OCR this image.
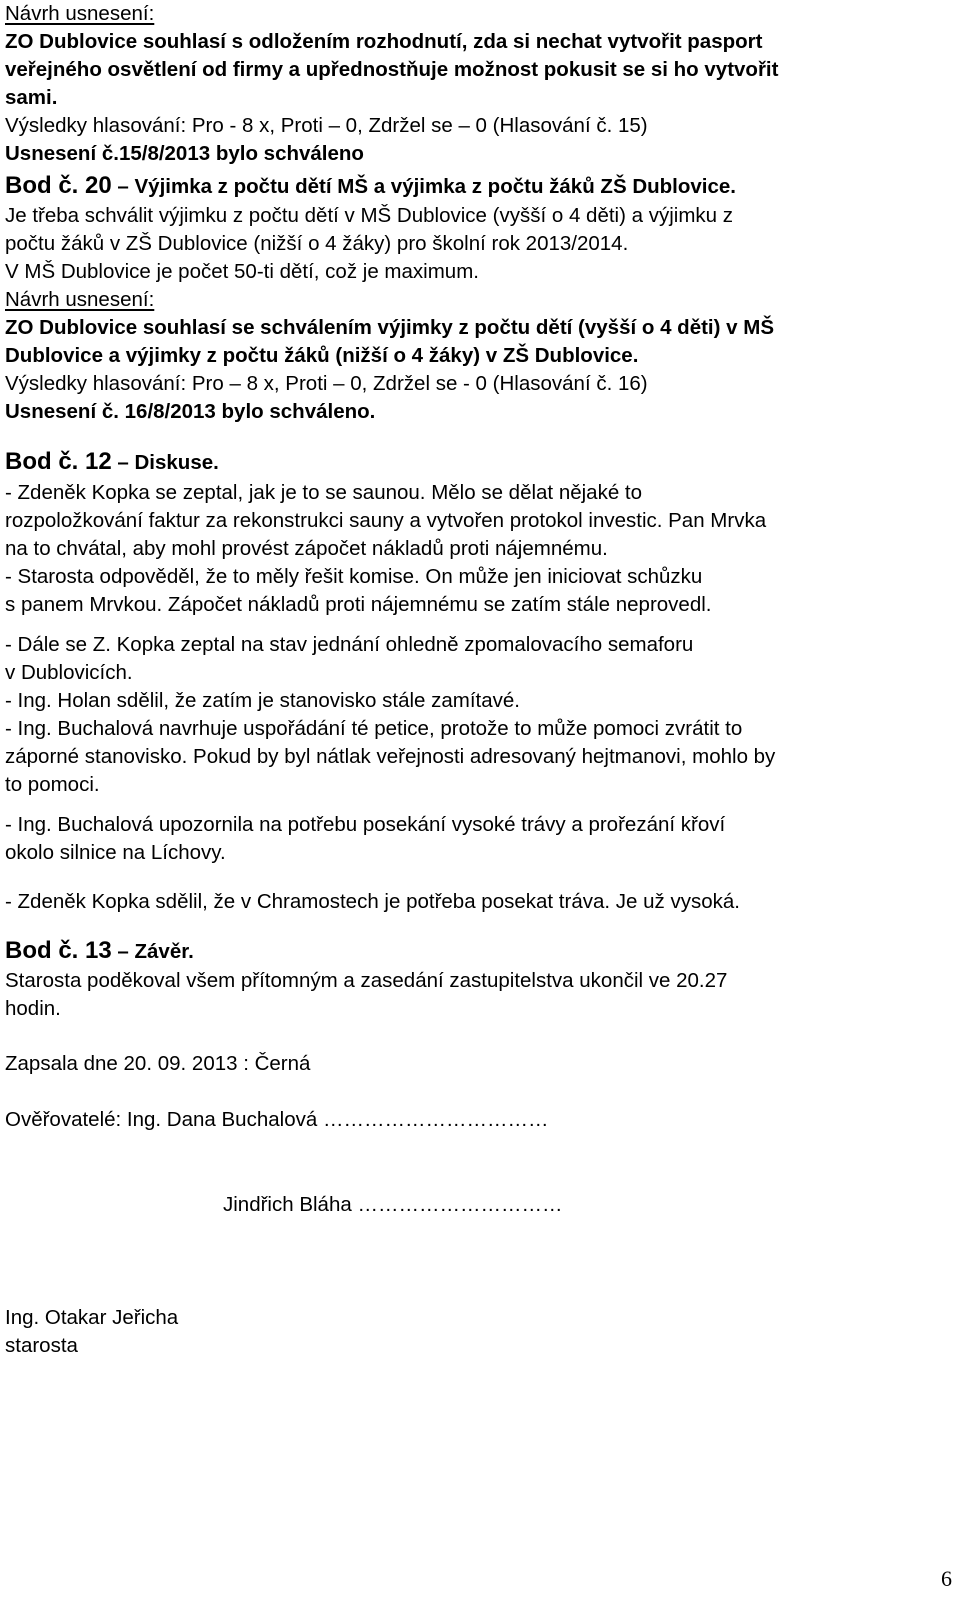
Návrh usnesení:
ZO Dublovice souhlasí s odložením rozhodnutí, zda si nechat vytvořit pasport
veřejného osvětlení od firmy a upřednostňuje možnost pokusit se si ho vytvořit
sami.
Výsledky hlasování: Pro - 8 x, Proti – 0, Zdržel se – 0 (Hlasování č. 15)
Usnesení č.15/8/2013 bylo schváleno
Bod č. 20 – Výjimka z počtu dětí MŠ a výjimka z počtu žáků ZŠ Dublovice.
Je třeba schválit výjimku z počtu dětí v MŠ Dublovice (vyšší o 4 děti) a výjimku z
počtu žáků v ZŠ Dublovice (nižší o 4 žáky) pro školní rok 2013/2014.
V MŠ Dublovice je počet 50-ti dětí, což je maximum.
Návrh usnesení:
ZO Dublovice souhlasí se schválením výjimky z počtu dětí (vyšší o 4 děti) v MŠ
Dublovice a výjimky z počtu žáků (nižší o 4 žáky) v ZŠ Dublovice.
Výsledky hlasování: Pro – 8 x, Proti – 0, Zdržel se - 0 (Hlasování č. 16)
Usnesení č. 16/8/2013 bylo schváleno.
Bod č. 12 – Diskuse.
- Zdeněk Kopka se zeptal, jak je to se saunou. Mělo se dělat nějaké to
rozpoložkování faktur za rekonstrukci sauny a vytvořen protokol investic. Pan Mrvka
na to chvátal, aby mohl provést zápočet nákladů proti nájemnému.
- Starosta odpověděl, že to měly řešit komise. On může jen iniciovat schůzku
s panem Mrvkou. Zápočet nákladů proti nájemnému se zatím stále neprovedl.
- Dále se Z. Kopka zeptal na stav jednání ohledně zpomalovacího semaforu
v Dublovicích.
- Ing. Holan sdělil, že zatím je stanovisko stále zamítavé.
- Ing. Buchalová navrhuje uspořádání té petice, protože to může pomoci zvrátit to
záporné stanovisko. Pokud by byl nátlak veřejnosti adresovaný hejtmanovi, mohlo by
to pomoci.
- Ing. Buchalová upozornila na potřebu posekání vysoké trávy a prořezání křoví
okolo silnice na Líchovy.
- Zdeněk Kopka sdělil, že v Chramostech je potřeba posekat tráva. Je už vysoká.
Bod č. 13 – Závěr.
Starosta poděkoval všem přítomným a zasedání zastupitelstva ukončil ve 20.27
hodin.
Zapsala dne 20. 09. 2013 : Černá
Ověřovatelé: Ing. Dana Buchalová ……………………………
Jindřich Bláha …………………………
Ing. Otakar Jeřicha
starosta
6
